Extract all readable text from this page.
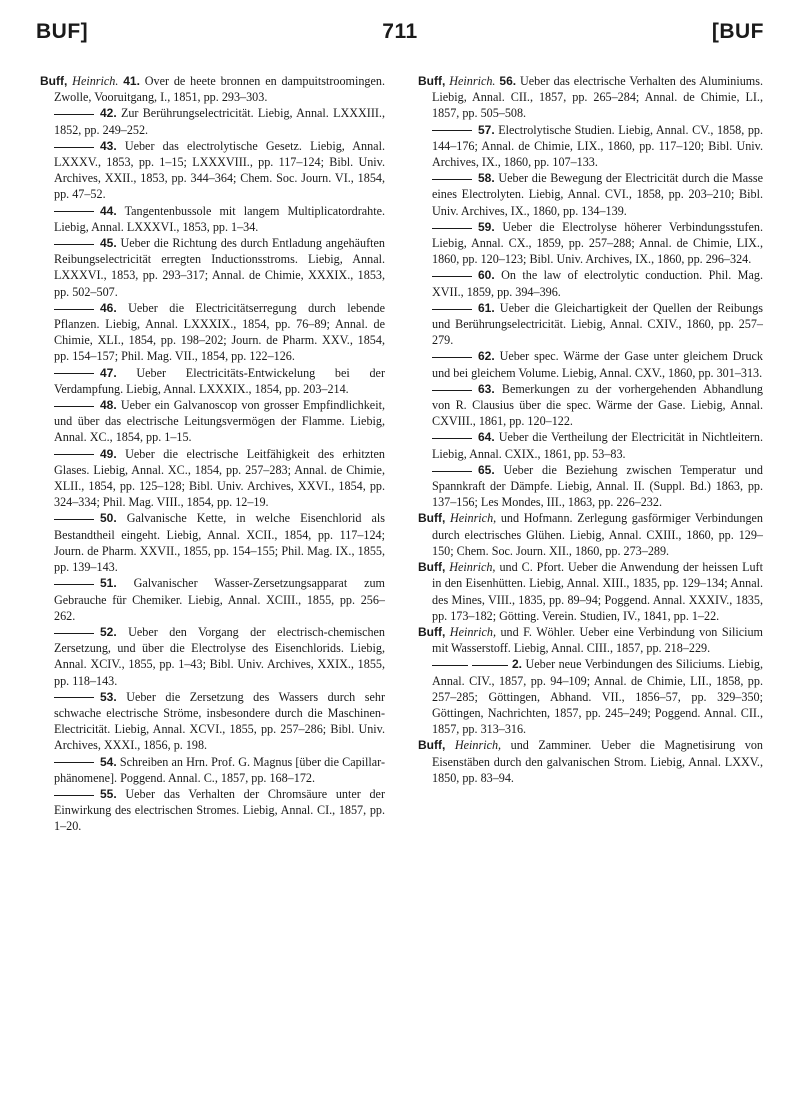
BUF]	711	[BUF

Buff, Heinrich. 41. Over de heete bronnen en dampuitstroomingen. Zwolle, Vooruitgang, I., 1851, pp. 293–303.

42. Zur Berührungselectricität. Liebig, Annal. LXXXIII., 1852, pp. 249–252.

43. Ueber das electrolytische Gesetz. Liebig, Annal. LXXXV., 1853, pp. 1–15; LXXXVIII., pp. 117–124; Bibl. Univ. Archives, XXII., 1853, pp. 344–364; Chem. Soc. Journ. VI., 1854, pp. 47–52.

44. Tangentenbussole mit langem Multiplicatordrahte. Liebig, Annal. LXXXVI., 1853, pp. 1–34.

45. Ueber die Richtung des durch Entladung angehäuften Reibungselectricität erregten Inductionsstroms. Liebig, Annal. LXXXVI., 1853, pp. 293–317; Annal. de Chimie, XXXIX., 1853, pp. 502–507.

46. Ueber die Electricitätserregung durch lebende Pflanzen. Liebig, Annal. LXXXIX., 1854, pp. 76–89; Annal. de Chimie, XLI., 1854, pp. 198–202; Journ. de Pharm. XXV., 1854, pp. 154–157; Phil. Mag. VII., 1854, pp. 122–126.

47. Ueber Electricitäts-Entwickelung bei der Verdampfung. Liebig, Annal. LXXXIX., 1854, pp. 203–214.

48. Ueber ein Galvanoscop von grosser Empfindlichkeit, und über das electrische Leitungsvermögen der Flamme. Liebig, Annal. XC., 1854, pp. 1–15.

49. Ueber die electrische Leitfähigkeit des erhitzten Glases. Liebig, Annal. XC., 1854, pp. 257–283; Annal. de Chimie, XLII., 1854, pp. 125–128; Bibl. Univ. Archives, XXVI., 1854, pp. 324–334; Phil. Mag. VIII., 1854, pp. 12–19.

50. Galvanische Kette, in welche Eisenchlorid als Bestandtheil eingeht. Liebig, Annal. XCII., 1854, pp. 117–124; Journ. de Pharm. XXVII., 1855, pp. 154–155; Phil. Mag. IX., 1855, pp. 139–143.

51. Galvanischer Wasser-Zersetzungsapparat zum Gebrauche für Chemiker. Liebig, Annal. XCIII., 1855, pp. 256–262.

52. Ueber den Vorgang der electrisch-chemischen Zersetzung, und über die Electrolyse des Eisenchlorids. Liebig, Annal. XCIV., 1855, pp. 1–43; Bibl. Univ. Archives, XXIX., 1855, pp. 118–143.

53. Ueber die Zersetzung des Wassers durch sehr schwache electrische Ströme, insbesondere durch die Maschinen-Electricität. Liebig, Annal. XCVI., 1855, pp. 257–286; Bibl. Univ. Archives, XXXI., 1856, p. 198.

54. Schreiben an Hrn. Prof. G. Magnus [über die Capillar-phänomene]. Poggend. Annal. C., 1857, pp. 168–172.

55. Ueber das Verhalten der Chromsäure unter der Einwirkung des electrischen Stromes. Liebig, Annal. CI., 1857, pp. 1–20.

Buff, Heinrich. 56. Ueber das electrische Verhalten des Aluminiums. Liebig, Annal. CII., 1857, pp. 265–284; Annal. de Chimie, LI., 1857, pp. 505–508.

57. Electrolytische Studien. Liebig, Annal. CV., 1858, pp. 144–176; Annal. de Chimie, LIX., 1860, pp. 117–120; Bibl. Univ. Archives, IX., 1860, pp. 107–133.

58. Ueber die Bewegung der Electricität durch die Masse eines Electrolyten. Liebig, Annal. CVI., 1858, pp. 203–210; Bibl. Univ. Archives, IX., 1860, pp. 134–139.

59. Ueber die Electrolyse höherer Verbindungsstufen. Liebig, Annal. CX., 1859, pp. 257–288; Annal. de Chimie, LIX., 1860, pp. 120–123; Bibl. Univ. Archives, IX., 1860, pp. 296–324.

60. On the law of electrolytic conduction. Phil. Mag. XVII., 1859, pp. 394–396.

61. Ueber die Gleichartigkeit der Quellen der Reibungs und Berührungselectricität. Liebig, Annal. CXIV., 1860, pp. 257–279.

62. Ueber spec. Wärme der Gase unter gleichem Druck und bei gleichem Volume. Liebig, Annal. CXV., 1860, pp. 301–313.

63. Bemerkungen zu der vorhergehenden Abhandlung von R. Clausius über die spec. Wärme der Gase. Liebig, Annal. CXVIII., 1861, pp. 120–122.

64. Ueber die Vertheilung der Electricität in Nichtleitern. Liebig, Annal. CXIX., 1861, pp. 53–83.

65. Ueber die Beziehung zwischen Temperatur und Spannkraft der Dämpfe. Liebig, Annal. II. (Suppl. Bd.) 1863, pp. 137–156; Les Mondes, III., 1863, pp. 226–232.

Buff, Heinrich, und Hofmann. Zerlegung gasförmiger Verbindungen durch electrisches Glühen. Liebig, Annal. CXIII., 1860, pp. 129–150; Chem. Soc. Journ. XII., 1860, pp. 273–289.

Buff, Heinrich, und C. Pfort. Ueber die Anwendung der heissen Luft in den Eisenhütten. Liebig, Annal. XIII., 1835, pp. 129–134; Annal. des Mines, VIII., 1835, pp. 89–94; Poggend. Annal. XXXIV., 1835, pp. 173–182; Götting. Verein. Studien, IV., 1841, pp. 1–22.

Buff, Heinrich, und F. Wöhler. Ueber eine Verbindung von Silicium mit Wasserstoff. Liebig, Annal. CIII., 1857, pp. 218–229.

2. Ueber neue Verbindungen des Siliciums. Liebig, Annal. CIV., 1857, pp. 94–109; Annal. de Chimie, LII., 1858, pp. 257–285; Göttingen, Abhand. VII., 1856–57, pp. 329–350; Göttingen, Nachrichten, 1857, pp. 245–249; Poggend. Annal. CII., 1857, pp. 313–316.

Buff, Heinrich, und Zamminer. Ueber die Magnetisirung von Eisenstäben durch den galvanischen Strom. Liebig, Annal. LXXV., 1850, pp. 83–94.
